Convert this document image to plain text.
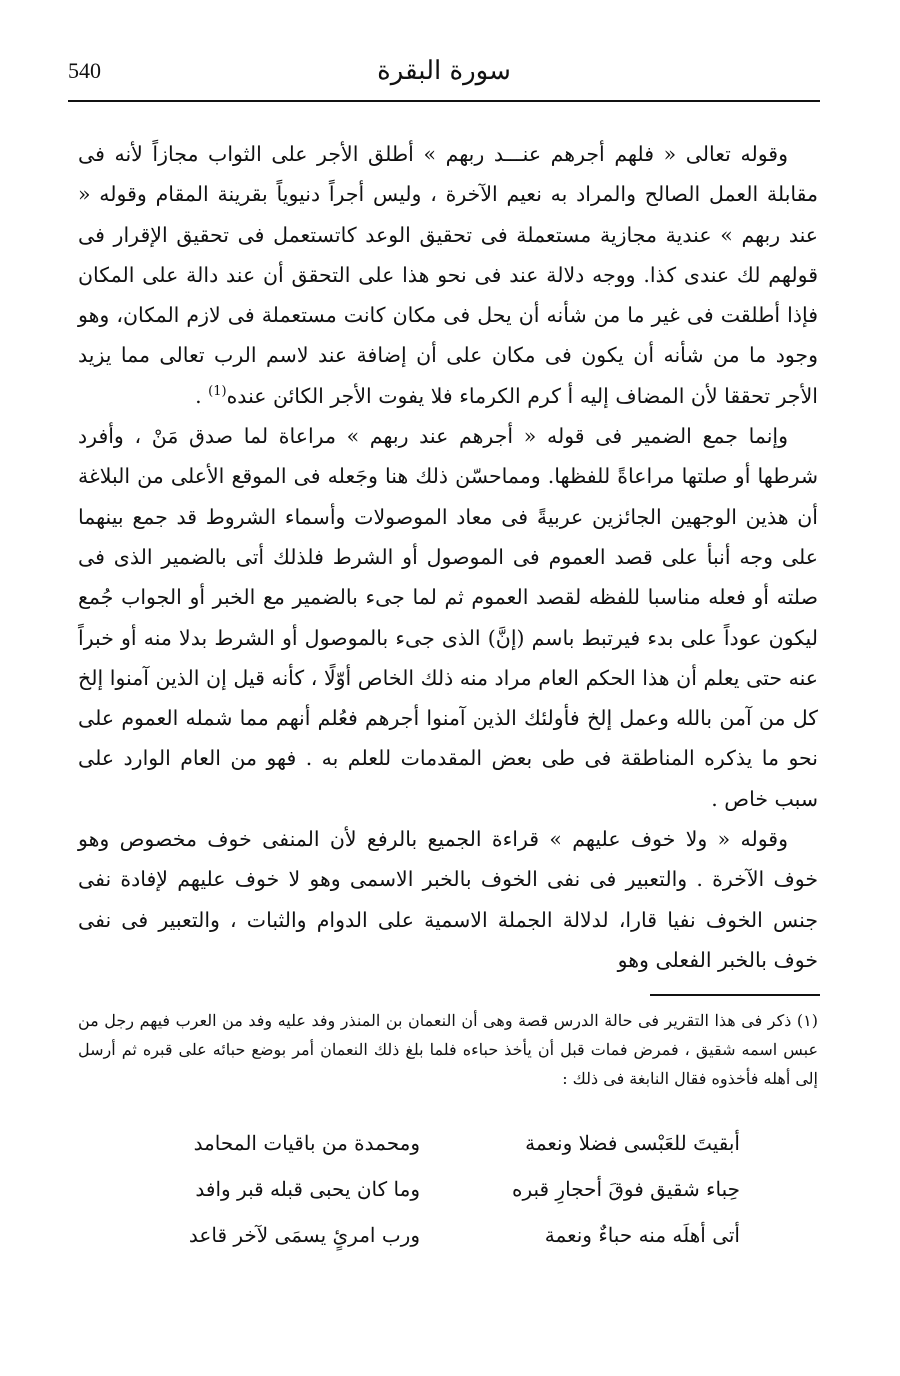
540	سورة البقرة

وقوله تعالى « فلهم أجرهم عنـــد ربهم » أطلق الأجر على الثواب مجازاً لأنه فى مقابلة العمل الصالح والمراد به نعيم الآخرة ، وليس أجراً دنيوياً بقرينة المقام وقوله « عند ربهم » عندية مجازية مستعملة فى تحقيق الوعد كاتستعمل فى تحقيق الإقرار فى قولهم لك عندى كذا. ووجه دلالة عند فى نحو هذا على التحقق أن عند دالة على المكان فإذا أطلقت فى غير ما من شأنه أن يحل فى مكان كانت مستعملة فى لازم المكان، وهو وجود ما من شأنه أن يكون فى مكان على أن إضافة عند لاسم الرب تعالى مما يزيد الأجر تحققا لأن المضاف إليه أ كرم الكرماء فلا يفوت الأجر الكائن عنده$^{(1)}$ .

وإنما جمع الضمير فى قوله « أجرهم عند ربهم » مراعاة لما صدق مَنْ ، وأفرد شرطها أو صلتها مراعاةً للفظها. ومماحسّن ذلك هنا وجَعله فى الموقع الأعلى من البلاغة أن هذين الوجهين الجائزين عربيةً فى معاد الموصولات وأسماء الشروط قد جمع بينهما على وجه أنبأ على قصد العموم فى الموصول أو الشرط فلذلك أتى بالضمير الذى فى صلته أو فعله مناسبا للفظه لقصد العموم ثم لما جىء بالضمير مع الخبر أو الجواب جُمع ليكون عوداً على بدء فيرتبط باسم (إنَّ) الذى جىء بالموصول أو الشرط بدلا منه أو خبراً عنه حتى يعلم أن هذا الحكم العام مراد منه ذلك الخاص أوّلًا ، كأنه قيل إن الذين آمنوا إلخ كل من آمن بالله وعمل إلخ فأولئك الذين آمنوا أجرهم فعُلم أنهم مما شمله العموم على نحو ما يذكره المناطقة فى طى بعض المقدمات للعلم به . فهو من العام الوارد على سبب خاص .

وقوله « ولا خوف عليهم » قراءة الجميع بالرفع لأن المنفى خوف مخصوص وهو خوف الآخرة . والتعبير فى نفى الخوف بالخبر الاسمى وهو لا خوف عليهم لإفادة نفى جنس الخوف نفيا قارا، لدلالة الجملة الاسمية على الدوام والثبات ، والتعبير فى نفى خوف بالخبر الفعلى وهو

(١) ذكر فى هذا التقرير فى حالة الدرس قصة وهى أن النعمان بن المنذر وفد عليه وفد من العرب فيهم رجل من عبس اسمه شقيق ، فمرض فمات قبل أن يأخذ حباءه فلما بلغ ذلك النعمان أمر بوضع حبائه على قبره ثم أرسل إلى أهله فأخذوه فقال النابغة فى ذلك :

أبقيتَ للعَبْسى فضلا ونعمة
ومحمدة من باقيات المحامد
حِباء شقيق فوقَ أحجارِ قبره
وما كان يحبى قبله قبر وافد
أتى أهلَه منه حباءٌ ونعمة
ورب امرئٍ يسمَى لآخر قاعد
